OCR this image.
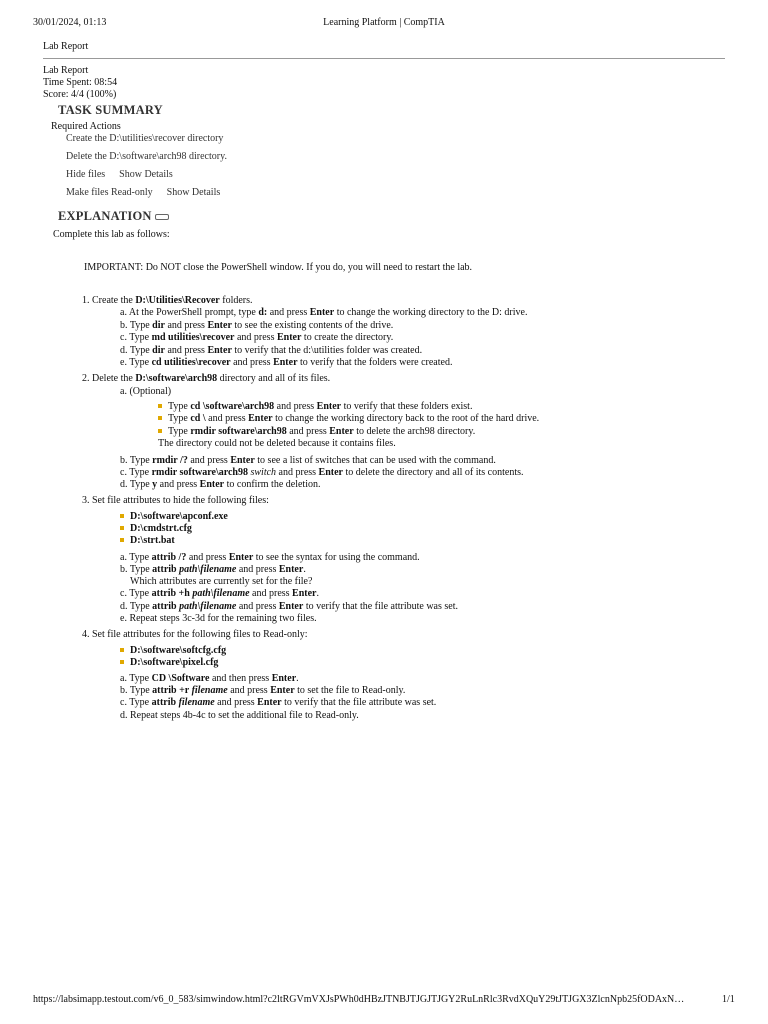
30/01/2024, 01:13	Learning Platform | CompTIA
Lab Report
Lab Report
Time Spent: 08:54
Score: 4/4 (100%)
TASK SUMMARY
Required Actions
Create the D:\utilities\recover directory
Delete the D:\software\arch98 directory.
Hide files Show Details
Make files Read-only Show Details
EXPLANATION
Complete this lab as follows:
IMPORTANT: Do NOT close the PowerShell window. If you do, you will need to restart the lab.
1. Create the D:\Utilities\Recover folders.
a. At the PowerShell prompt, type d: and press Enter to change the working directory to the D: drive.
b. Type dir and press Enter to see the existing contents of the drive.
c. Type md utilities\recover and press Enter to create the directory.
d. Type dir and press Enter to verify that the d:\utilities folder was created.
e. Type cd utilities\recover and press Enter to verify that the folders were created.
2. Delete the D:\software\arch98 directory and all of its files.
a. (Optional)
Type cd \software\arch98 and press Enter to verify that these folders exist.
Type cd \ and press Enter to change the working directory back to the root of the hard drive.
Type rmdir software\arch98 and press Enter to delete the arch98 directory.
The directory could not be deleted because it contains files.
b. Type rmdir /? and press Enter to see a list of switches that can be used with the command.
c. Type rmdir software\arch98 switch and press Enter to delete the directory and all of its contents.
d. Type y and press Enter to confirm the deletion.
3. Set file attributes to hide the following files:
D:\software\apconf.exe
D:\cmdstrt.cfg
D:\strt.bat
a. Type attrib /? and press Enter to see the syntax for using the command.
b. Type attrib path\filename and press Enter.
Which attributes are currently set for the file?
c. Type attrib +h path\filename and press Enter.
d. Type attrib path\filename and press Enter to verify that the file attribute was set.
e. Repeat steps 3c-3d for the remaining two files.
4. Set file attributes for the following files to Read-only:
D:\software\softcfg.cfg
D:\software\pixel.cfg
a. Type CD \Software and then press Enter.
b. Type attrib +r filename and press Enter to set the file to Read-only.
c. Type attrib filename and press Enter to verify that the file attribute was set.
d. Repeat steps 4b-4c to set the additional file to Read-only.
https://labsimapp.testout.com/v6_0_583/simwindow.html?c2ltRGVmVXJsPWh0dHBzJTNBJTJGJTJGY2RuLnRlc3RvdXQuY29tJTJGX3ZlcnNpb25fODAxN…	1/1
